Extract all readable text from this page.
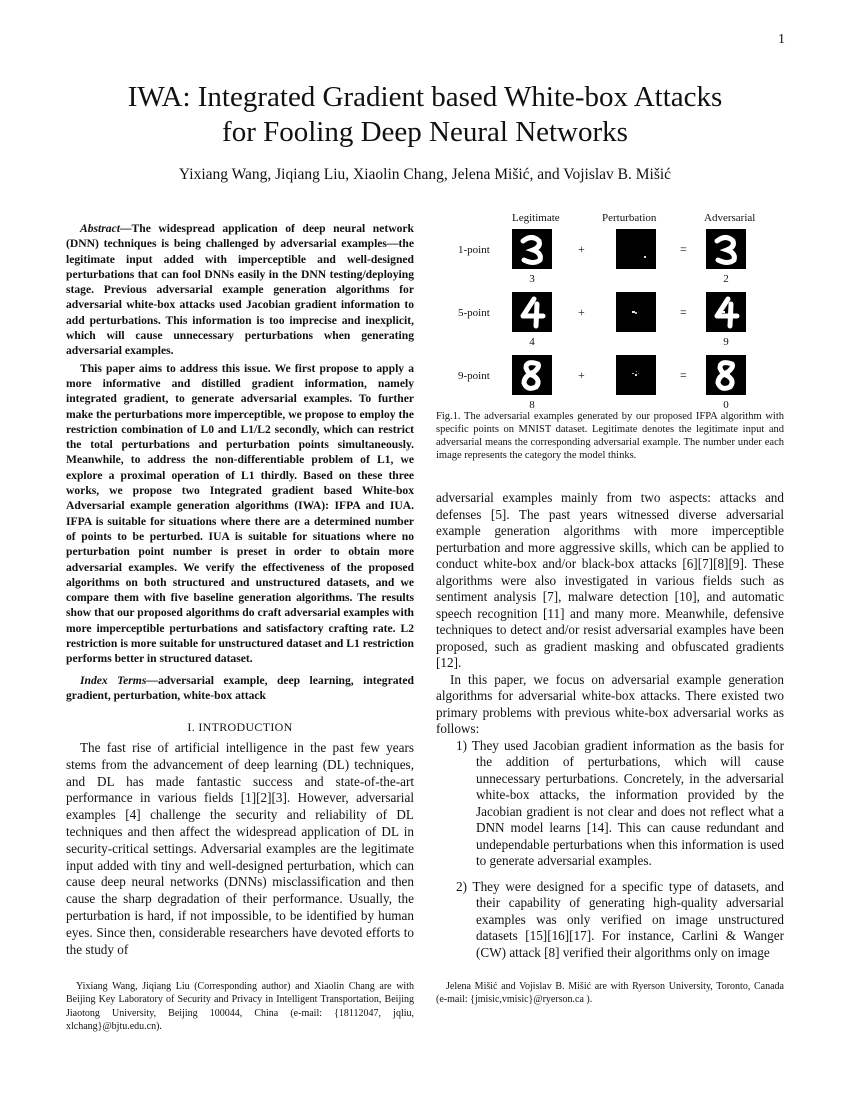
1
IWA: Integrated Gradient based White-box Attacks
for Fooling Deep Neural Networks
Yixiang Wang, Jiqiang Liu, Xiaolin Chang, Jelena Mišić, and Vojislav B. Mišić

Abstract—The widespread application of deep neural network (DNN) techniques is being challenged by adversarial examples—the legitimate input added with imperceptible and well-designed perturbations that can fool DNNs easily in the DNN testing/deploying stage. Previous adversarial example generation algorithms for adversarial white-box attacks used Jacobian gradient information to add perturbations. This information is too imprecise and inexplicit, which will cause unnecessary perturbations when generating adversarial examples.

This paper aims to address this issue. We first propose to apply a more informative and distilled gradient information, namely integrated gradient, to generate adversarial examples. To further make the perturbations more imperceptible, we propose to employ the restriction combination of L0 and L1/L2 secondly, which can restrict the total perturbations and perturbation points simultaneously. Meanwhile, to address the non-differentiable problem of L1, we explore a proximal operation of L1 thirdly. Based on these three works, we propose two Integrated gradient based White-box Adversarial example generation algorithms (IWA): IFPA and IUA. IFPA is suitable for situations where there are a determined number of points to be perturbed. IUA is suitable for situations where no perturbation point number is preset in order to obtain more adversarial examples. We verify the effectiveness of the proposed algorithms on both structured and unstructured datasets, and we compare them with five baseline generation algorithms. The results show that our proposed algorithms do craft adversarial examples with more imperceptible perturbations and satisfactory crafting rate. L2 restriction is more suitable for unstructured dataset and L1 restriction performs better in structured dataset.

Index Terms—adversarial example, deep learning, integrated gradient, perturbation, white-box attack
I. INTRODUCTION
The fast rise of artificial intelligence in the past few years stems from the advancement of deep learning (DL) techniques, and DL has made fantastic success and state-of-the-art performance in various fields [1][2][3]. However, adversarial examples [4] challenge the security and reliability of DL techniques and then affect the widespread application of DL in security-critical settings. Adversarial examples are the legitimate input added with tiny and well-designed perturbation, which can cause deep neural networks (DNNs) misclassification and then cause the sharp degradation of their performance. Usually, the perturbation is hard, if not impossible, to be identified by human eyes. Since then, considerable researchers have devoted efforts to the study of
Yixiang Wang, Jiqiang Liu (Corresponding author) and Xiaolin Chang are with Beijing Key Laboratory of Security and Privacy in Intelligent Transportation, Beijing Jiaotong University, Beijing 100044, China (e-mail: {18112047, jqliu, xlchang}@bjtu.edu.cn).
Legitimate	Perturbation	Adversarial
1-point	+	=
3	2
5-point	+	=
4	9
9-point	+	=
8	0
Fig.1. The adversarial examples generated by our proposed IFPA algorithm with specific points on MNIST dataset. Legitimate denotes the legitimate input and adversarial means the corresponding adversarial example. The number under each image represents the category the model thinks.

adversarial examples mainly from two aspects: attacks and defenses [5]. The past years witnessed diverse adversarial example generation algorithms with more imperceptible perturbation and more aggressive skills, which can be applied to conduct white-box and/or black-box attacks [6][7][8][9]. These algorithms were also investigated in various fields such as sentiment analysis [7], malware detection [10], and automatic speech recognition [11] and many more. Meanwhile, defensive techniques to detect and/or resist adversarial examples have been proposed, such as gradient masking and obfuscated gradients [12].

In this paper, we focus on adversarial example generation algorithms for adversarial white-box attacks. There existed two primary problems with previous white-box adversarial works as follows:

1) They used Jacobian gradient information as the basis for the addition of perturbations, which will cause unnecessary perturbations. Concretely, in the adversarial white-box attacks, the information provided by the Jacobian gradient is not clear and does not reflect what a DNN model learns [14]. This can cause redundant and undependable perturbations when this information is used to generate adversarial examples.
2) They were designed for a specific type of datasets, and their capability of generating high-quality adversarial examples was only verified on image unstructured datasets [15][16][17]. For instance, Carlini & Wanger (CW) attack [8] verified their algorithms only on image
Jelena Mišić and Vojislav B. Mišić are with Ryerson University, Toronto, Canada (e-mail: {jmisic,vmisic}@ryerson.ca ).
